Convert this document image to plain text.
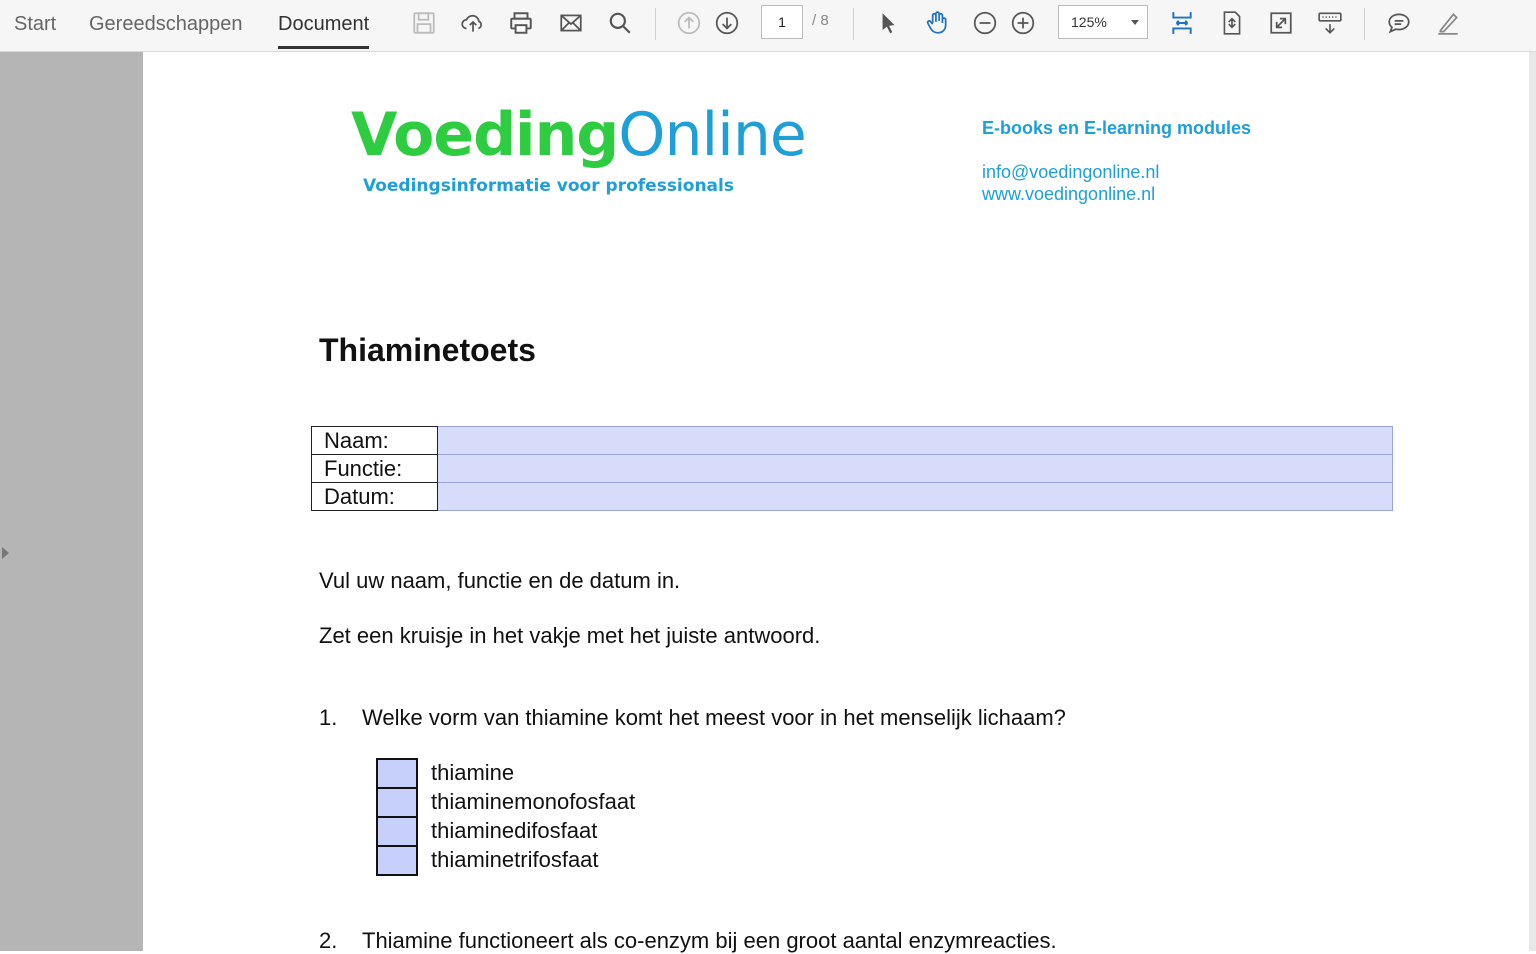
Start Gereedschappen Document	1	/ 8	125%
VoedingOnline
Voedingsinformatie voor professionals
E-books en E-learning modules
info@voedingonline.nl
www.voedingonline.nl
Thiaminetoets
Naam:	
Functie:	
Datum:	
Vul uw naam, functie en de datum in.
Zet een kruisje in het vakje met het juiste antwoord.
1. Welke vorm van thiamine komt het meest voor in het menselijk lichaam?
thiamine
thiaminemonofosfaat
thiaminedifosfaat
thiaminetrifosfaat
2. Thiamine functioneert als co-enzym bij een groot aantal enzymreacties.
